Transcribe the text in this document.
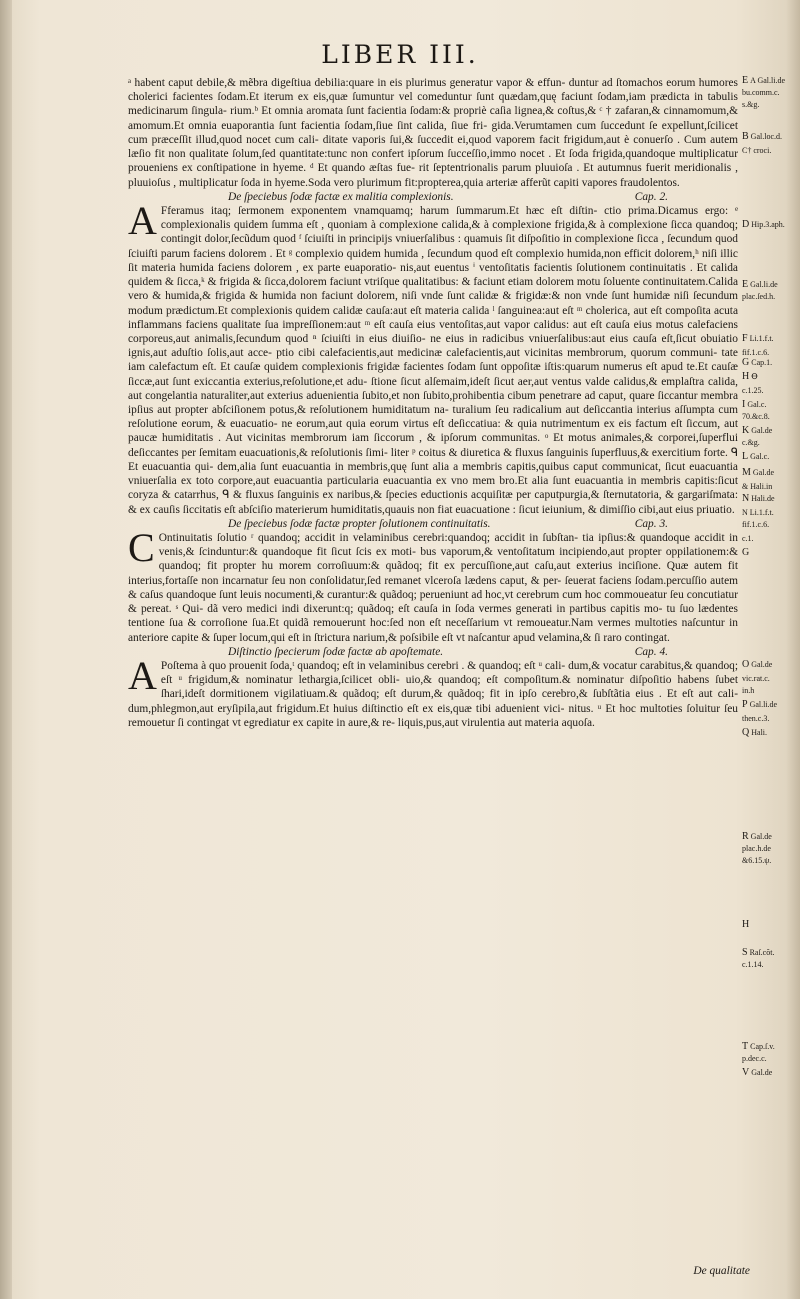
LIBER III.

ᵃ habent caput debile,& mẽbra digeſtiua debilia:quare in eis plurimus generatur vapor & effun- duntur ad ſtomachos eorum humores cholerici facientes ſodam.Et iterum ex eis,quæ ſumuntur vel comeduntur ſunt quædam,quę faciunt ſodam,iam prædicta in tabulis medicinarum ſingula- rium.ᵇ Et omnia aromata ſunt facientia ſodam:& propriè caſia lignea,& coſtus,& ᶜ † zafaran,& cinnamomum,& amomum.Et omnia euaporantia ſunt facientia ſodam,ſiue ſint calida, ſiue fri- gida.Verumtamen cum ſuccedunt ſe expellunt,ſcilicet cum præceſſit illud,quod nocet cum cali- ditate vaporis ſui,& ſuccedit ei,quod vaporem facit frigidum,aut è conuerſo . Cum autem læſio fit non qualitate ſolum,ſed quantitate:tunc non confert ipſorum ſucceſſio,immo nocet . Et ſoda frigida,quandoque multiplicatur proueniens ex conſtipatione in hyeme. ᵈ Et quando æſtas fue- rit ſeptentrionalis parum pluuioſa . Et autumnus fuerit meridionalis , pluuioſus , multiplicatur ſoda in hyeme.Soda vero plurimum fit:propterea,quia arteriæ afferũt capiti vapores fraudolentos.

De ſpeciebus ſodæ factæ ex malitia complexionis.	Cap. 2.

A Fferamus itaq; ſermonem exponentem vnamquamq; harum ſummarum.Et hæc eſt diſtin- ctio prima.Dicamus ergo: ᵉ complexionalis quidem ſumma eſt , quoniam à complexione calida,& à complexione frigida,& à complexione ſicca quandoq; contingit dolor,ſecũdum quod ᶠ ſciuiſti in principijs vniuerſalibus : quamuis ſit diſpoſitio in complexione ſicca , ſecundum quod ſciuiſti parum faciens dolorem . Et ᵍ complexio quidem humida , ſecundum quod eſt complexio humida,non efficit dolorem,ʰ niſi illic ſit materia humida faciens dolorem , ex parte euaporatio- nis,aut euentus ⁱ ventoſitatis facientis ſolutionem continuitatis . Et calida quidem & ſicca,ᵏ & frigida & ſicca,dolorem faciunt vtriſque qualitatibus: & faciunt etiam dolorem motu ſoluente continuitatem.Calida vero & humida,& frigida & humida non faciunt dolorem, niſi vnde ſunt calidæ & frigidæ:& non vnde ſunt humidæ niſi ſecundum modum prædictum.Et complexionis quidem calidæ cauſa:aut eſt materia calida ˡ ſanguinea:aut eſt ᵐ cholerica, aut eſt compoſita acuta inflammans faciens qualitate ſua impreſſionem:aut ᵐ eſt cauſa eius ventoſitas,aut vapor calidus: aut eſt cauſa eius motus calefaciens corporeus,aut animalis,ſecundum quod ⁿ ſciuiſti in eius diuiſio- ne eius in radicibus vniuerſalibus:aut eius cauſa eſt,ſicut obuiatio ignis,aut aduſtio ſolis,aut acce- ptio cibi calefacientis,aut medicinæ calefacientis,aut vicinitas membrorum, quorum communi- tate iam calefactum eſt. Et cauſæ quidem complexionis frigidæ facientes ſodam ſunt oppoſitæ iſtis:quarum numerus eſt apud te.Et cauſæ ſiccæ,aut ſunt exiccantia exterius,reſolutione,et adu- ſtione ſicut alſemaim,ideſt ſicut aer,aut ventus valde calidus,& emplaſtra calida, aut congelantia naturaliter,aut exterius aduenientia ſubito,et non ſubito,prohibentia cibum penetrare ad caput, quare ſiccantur membra ipſius aut propter abſciſionem potus,& reſolutionem humiditatum na- turalium ſeu radicalium aut deſiccantia interius aſſumpta cum reſolutione eorum, & euacuatio- ne eorum,aut quia eorum virtus eſt deſiccatiua: & quia nutrimentum ex eis factum eſt ſiccum, aut paucæ humiditatis . Aut vicinitas membrorum iam ſiccorum , & ipſorum communitas. ᵒ Et motus animales,& corporei,ſuperflui deſiccantes per ſemitam euacuationis,& reſolutionis ſimi- liter ᵖ coitus & diuretica & fluxus ſanguinis ſuperfluus,& exercitium forte. ᑫ Et euacuantia qui- dem,alia ſunt euacuantia in membris,quę ſunt alia a membris capitis,quibus caput communicat, ſicut euacuantia vniuerſalia ex toto corpore,aut euacuantia particularia euacuantia ex vno mem bro.Et alia ſunt euacuantia in membris capitis:ſicut coryza & catarrhus, ᑫ & fluxus ſanguinis ex naribus,& ſpecies eductionis acquiſitæ per caputpurgia,& ſternutatoria, & gargariſmata: & ex cauſis ſiccitatis eſt abſciſio materierum humiditatis,quauis non fiat euacuatione : ſicut ieiunium, & dimiſſio cibi,aut eius priuatio.

De ſpeciebus ſodæ factæ propter ſolutionem continuitatis.	Cap. 3.

C Ontinuitatis ſolutio ʳ quandoq; accidit in velaminibus cerebri:quandoq; accidit in ſubſtan- tia ipſius:& quandoque accidit in venis,& ſcinduntur:& quandoque fit ſicut ſcis ex moti- bus vaporum,& ventoſitatum incipiendo,aut propter oppilationem:& quandoq; fit propter hu morem corroſiuum:& quãdoq; fit ex percuſſione,aut caſu,aut exterius inciſione. Quæ autem fit interius,fortaſſe non incarnatur ſeu non conſolidatur,ſed remanet vlceroſa lædens caput, & per- ſeuerat faciens ſodam.percuſſio autem & caſus quandoque ſunt leuis nocumenti,& curantur:& quãdoq; perueniunt ad hoc,vt cerebrum cum hoc commoueatur ſeu concutiatur & pereat. ˢ Qui- dã vero medici indi dixerunt:q; quãdoq; eſt cauſa in ſoda vermes generati in partibus capitis mo- tu ſuo lædentes tentione ſua & corroſione ſua.Et quidã remouerunt hoc:ſed non eſt neceſſarium vt remoueatur.Nam vermes multoties naſcuntur in anteriore capite & ſuper locum,qui eſt in ſtrictura narium,& poſsibile eſt vt naſcantur apud velamina,& ſi raro contingat.

Diſtinctio ſpecierum ſodæ factæ ab apoſtemate.	Cap. 4.

A Poſtema à quo prouenit ſoda,ᵗ quandoq; eſt in velaminibus cerebri . & quandoq; eſt ᵘ cali- dum,& vocatur carabitus,& quandoq; eſt ᵘ frigidum,& nominatur lethargia,ſcilicet obli- uio,& quandoq; eſt compoſitum.& nominatur diſpoſitio habens ſubet ſhari,ideſt dormitionem vigilatiuam.& quãdoq; eſt durum,& quãdoq; fit in ipſo cerebro,& ſubſtãtia eius . Et eſt aut cali- dum,phlegmon,aut eryſipila,aut frigidum.Et huius diſtinctio eſt ex eis,quæ tibi aduenient vici- nitus. ᵘ Et hoc multoties ſoluitur ſeu remouetur ſi contingat vt egrediatur ex capite in aure,& re- liquis,pus,aut virulentia aut materia aquoſa.

E A Gal.li.de
bu.comm.c.
s.&g.
B Gal.loc.d.
C† croci.
D Hip.3.aph.
E Gal.li.de
plac.ſed.h.
F Li.1.f.t.
fif.1.c.6.
G Cap.1.
H Ꝋ
c.1.25.
I Gal.c.
70.&c.8.
K Gal.de
c.&g.
L Gal.c.
M Gal.de
& Hali.in
N Hali.de
N Li.1.f.t.
fif.1.c.6.
c.1.
G
O Gal.de
vic.rat.c.
in.h
P Gal.li.de
then.c.3.
Q Hali.
R Gal.de
plac.h.de
&6.15.ψ.
H
S Raſ.cõt.
c.1.14.
T Cap.ſ.v.
p.dec.c.
V Gal.de
De qualitate
